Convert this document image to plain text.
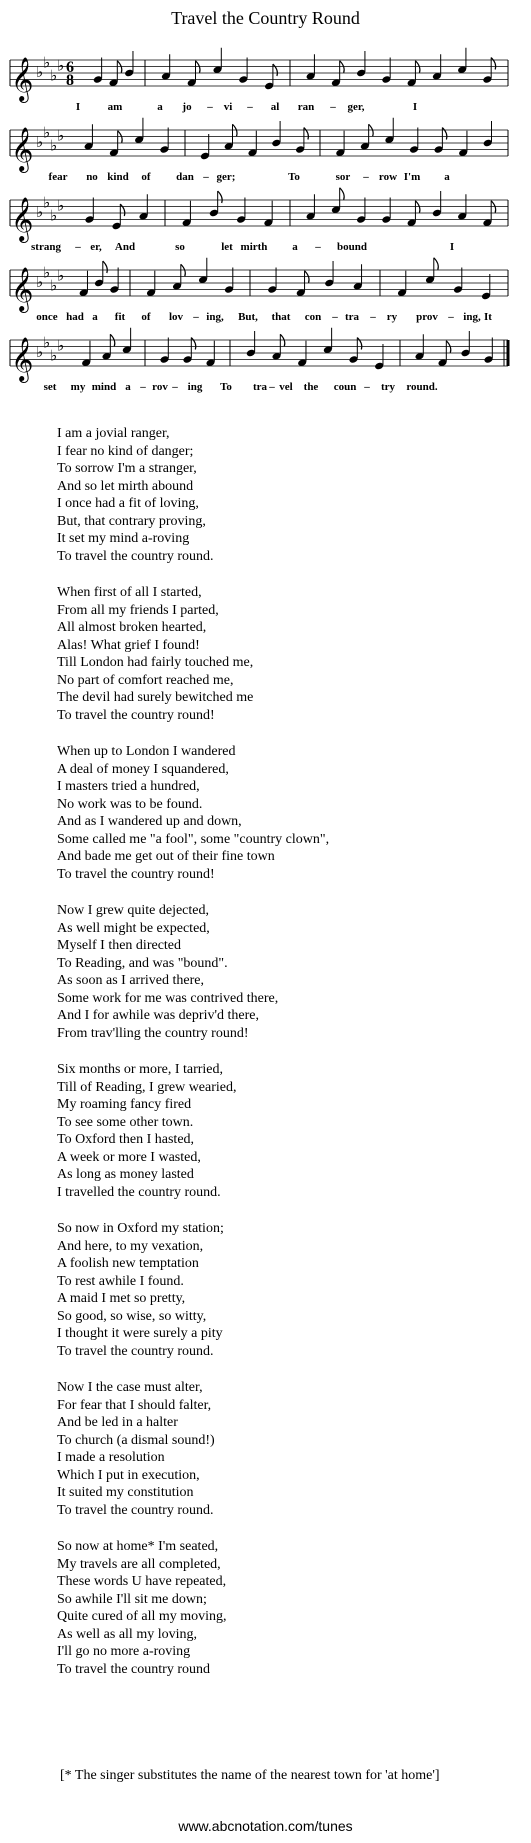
Travel the Country Round
𝄞 ♭
♭
♭
♭ 6
8
I	am	a jo – vi – al ran – ger,	I
𝄞 ♭
♭
♭
♭
fear no kind of dan – ger;	To	sor – row I'm a
𝄞 ♭
♭
♭
♭
strang – er, And	so	let mirth a – bound	I
𝄞 ♭
♭
♭
♭
once had a fit of lov – ing, But, that con – tra – ry prov – ing, It
𝄞 ♭
♭
♭
♭
set my mind a – rov – ing To tra – vel the coun – try round.
I am a jovial ranger,
I fear no kind of danger;
To sorrow I'm a stranger,
And so let mirth abound
I once had a fit of loving,
But, that contrary proving,
It set my mind a-roving
To travel the country round.
When first of all I started,
From all my friends I parted,
All almost broken hearted,
Alas! What grief I found!
Till London had fairly touched me,
No part of comfort reached me,
The devil had surely bewitched me
To travel the country round!
When up to London I wandered
A deal of money I squandered,
I masters tried a hundred,
No work was to be found.
And as I wandered up and down,
Some called me "a fool", some "country clown",
And bade me get out of their fine town
To travel the country round!
Now I grew quite dejected,
As well might be expected,
Myself I then directed
To Reading, and was "bound".
As soon as I arrived there,
Some work for me was contrived there,
And I for awhile was depriv'd there,
From trav'lling the country round!
Six months or more, I tarried,
Till of Reading, I grew wearied,
My roaming fancy fired
To see some other town.
To Oxford then I hasted,
A week or more I wasted,
As long as money lasted
I travelled the country round.
So now in Oxford my station;
And here, to my vexation,
A foolish new temptation
To rest awhile I found.
A maid I met so pretty,
So good, so wise, so witty,
I thought it were surely a pity
To travel the country round.
Now I the case must alter,
For fear that I should falter,
And be led in a halter
To church (a dismal sound!)
I made a resolution
Which I put in execution,
It suited my constitution
To travel the country round.
So now at home* I'm seated,
My travels are all completed,
These words U have repeated,
So awhile I'll sit me down;
Quite cured of all my moving,
As well as all my loving,
I'll go no more a-roving
To travel the country round
[* The singer substitutes the name of the nearest town for 'at home']
www.abcnotation.com/tunes
